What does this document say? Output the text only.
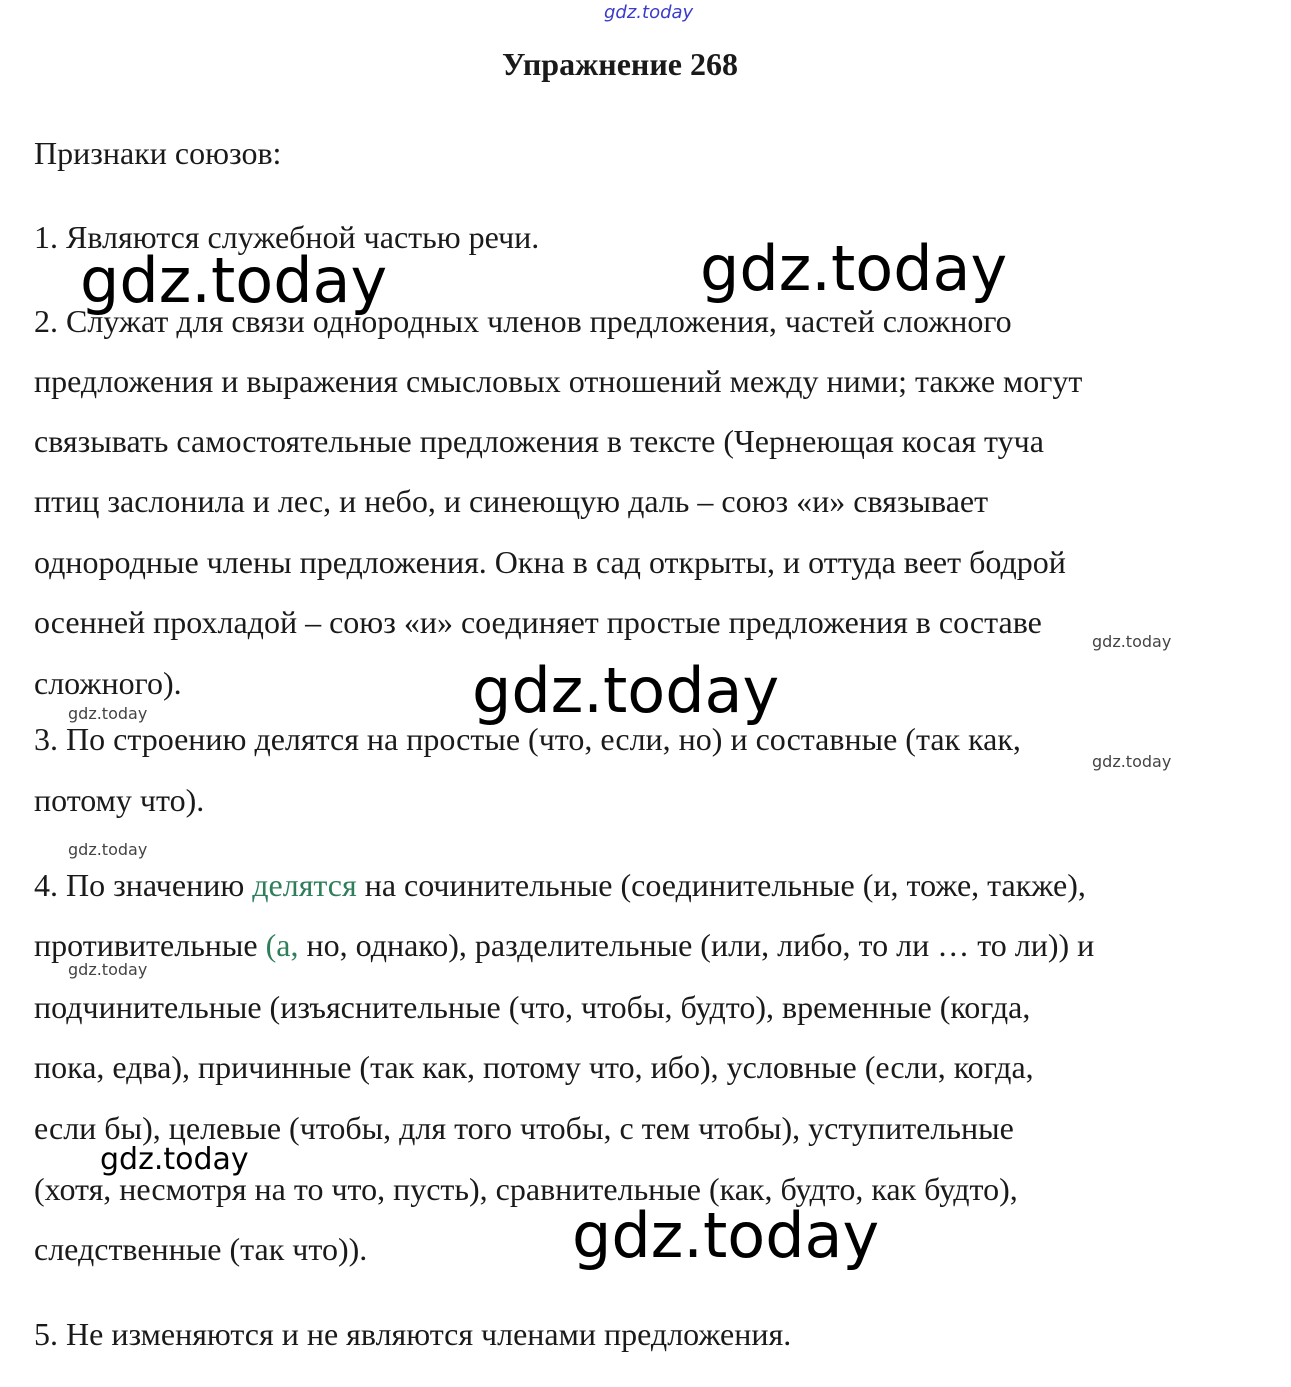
gdz.today
Упражнение 268
Признаки союзов:
1. Являются служебной частью речи.
2. Служат для связи однородных членов предложения, частей сложного
предложения и выражения смысловых отношений между ними; также могут
связывать самостоятельные предложения в тексте (Чернеющая косая туча
птиц заслонила и лес, и небо, и синеющую даль – союз «и» связывает
однородные члены предложения. Окна в сад открыты, и оттуда веет бодрой
осенней прохладой – союз «и» соединяет простые предложения в составе
сложного).
3. По строению делятся на простые (что, если, но) и составные (так как,
потому что).
4. По значению делятся на сочинительные (соединительные (и, тоже, также),
противительные (а, но, однако), разделительные (или, либо, то ли … то ли)) и
подчинительные (изъяснительные (что, чтобы, будто), временные (когда,
пока, едва), причинные (так как, потому что, ибо), условные (если, когда,
если бы), целевые (чтобы, для того чтобы, с тем чтобы), уступительные
(хотя, несмотря на то что, пусть), сравнительные (как, будто, как будто),
следственные (так что)).
5. Не изменяются и не являются членами предложения.
gdz.today	gdz.today
gdz.today
gdz.today
gdz.today
gdz.today
gdz.today
gdz.today
gdz.today
gdz.today
